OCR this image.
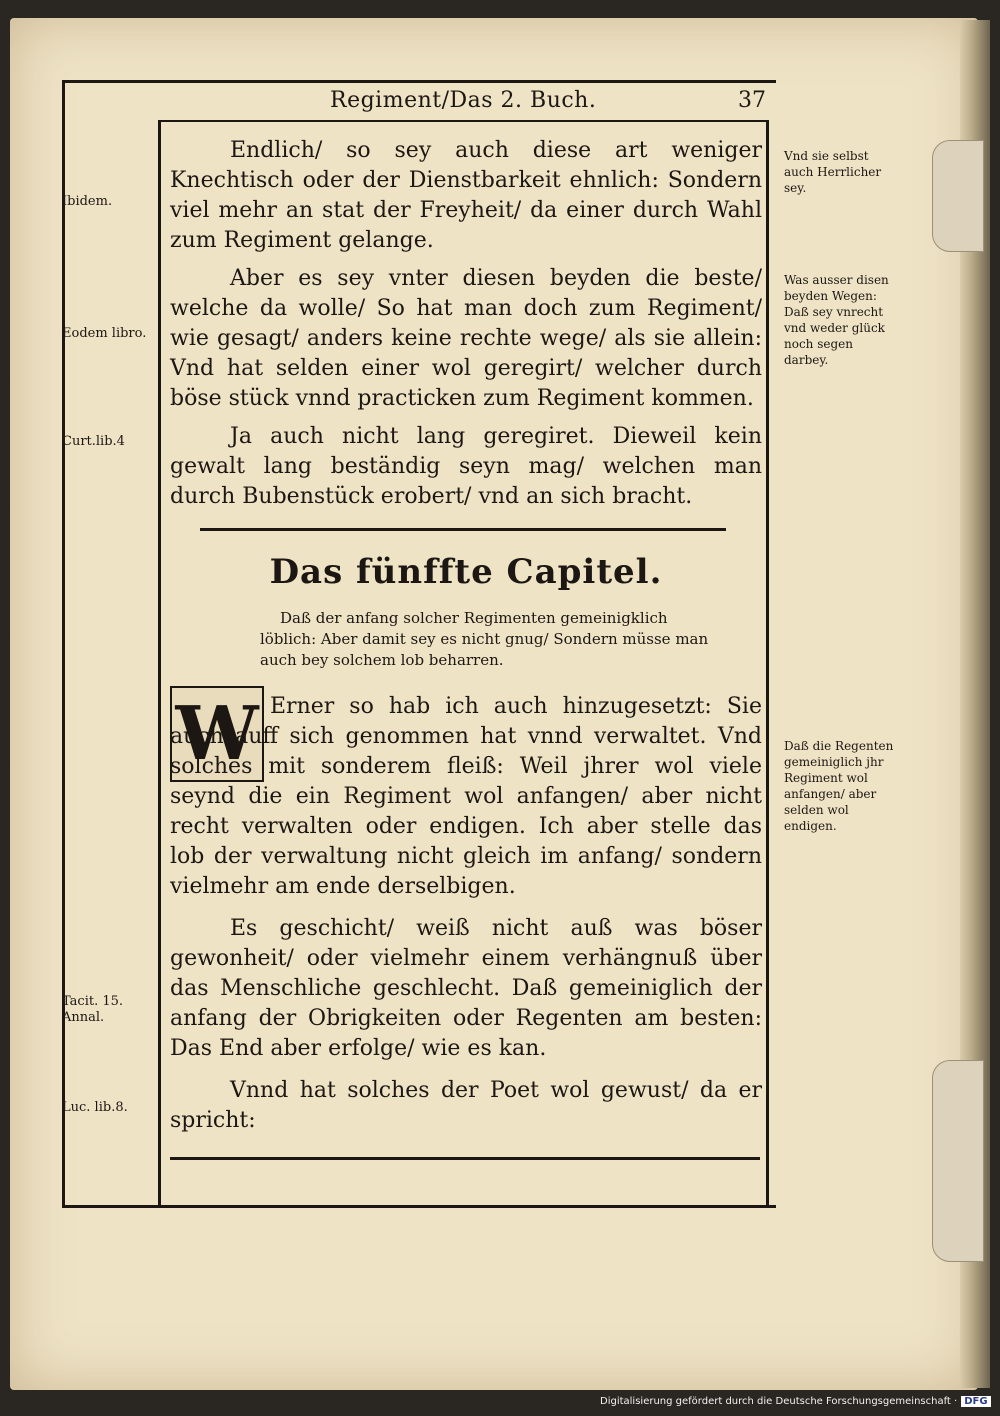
Regiment/Das 2. Buch.	37

Endlich/ so sey auch diese art weniger Knechtisch oder der Dienstbarkeit ehnlich: Sondern viel mehr an stat der Freyheit/ da einer durch Wahl zum Regiment gelange.

Aber es sey vnter diesen beyden die beste/ welche da wolle/ So hat man doch zum Regiment/ wie gesagt/ anders keine rechte wege/ als sie allein: Vnd hat selden einer wol geregirt/ welcher durch böse stück vnnd practicken zum Regiment kommen.

Ja auch nicht lang geregiret. Dieweil kein gewalt lang beständig seyn mag/ welchen man durch Bubenstück erobert/ vnd an sich bracht.

Das fünffte Capitel.

Daß der anfang solcher Regimenten gemeinigklich löblich: Aber damit sey es nicht gnug/ Sondern müsse man auch bey solchem lob beharren.

W Erner so hab ich auch hinzugesetzt: Sie auch auff sich genommen hat vnnd verwaltet. Vnd solches mit sonderem fleiß: Weil jhrer wol viele seynd die ein Regiment wol anfangen/ aber nicht recht verwalten oder endigen. Ich aber stelle das lob der verwaltung nicht gleich im anfang/ sondern vielmehr am ende derselbigen.

Es geschicht/ weiß nicht auß was böser gewonheit/ oder vielmehr einem verhängnuß über das Menschliche geschlecht. Daß gemeiniglich der anfang der Obrigkeiten oder Regenten am besten: Das End aber erfolge/ wie es kan.

Vnnd hat solches der Poet wol gewust/ da er spricht:

Ibidem.

Eodem libro.

Curt.lib.4

Tacit. 15. Annal.

Luc. lib.8.

Vnd sie selbst auch Herrlicher sey.

Was ausser disen beyden Wegen: Daß sey vnrecht vnd weder glück noch segen darbey.

Daß die Regenten gemeiniglich jhr Regiment wol anfangen/ aber selden wol endigen.

Digitalisierung gefördert durch die Deutsche Forschungsgemeinschaft · DFG
